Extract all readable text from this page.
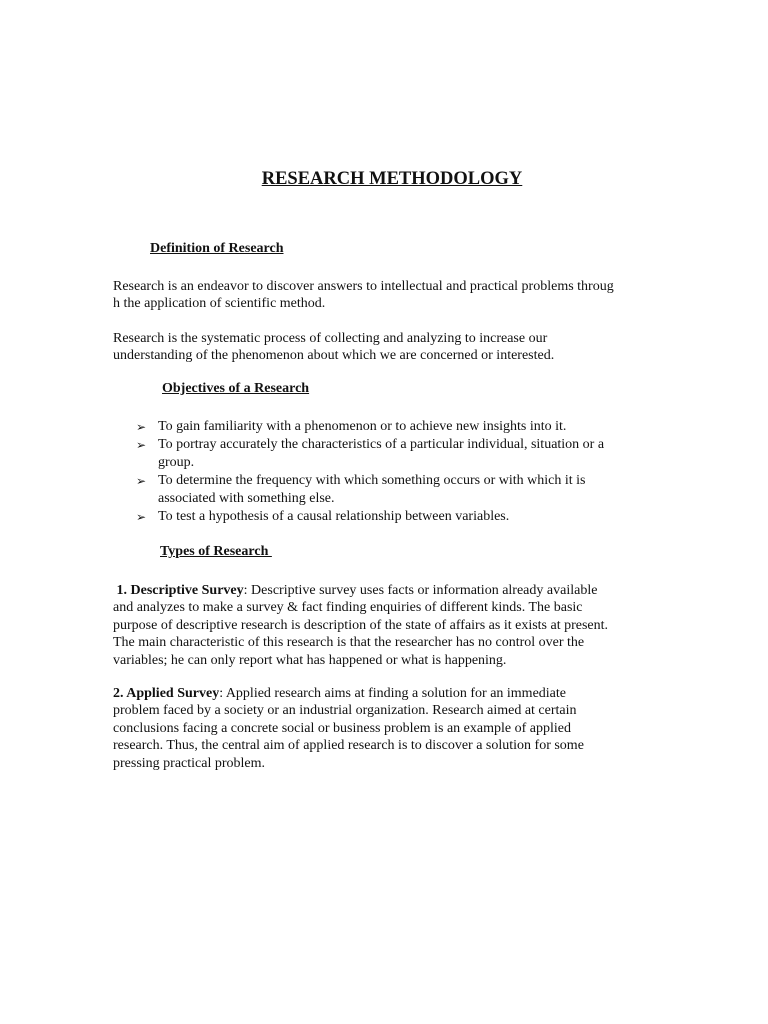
RESEARCH METHODOLOGY
Definition of Research
Research is an endeavor to discover answers to intellectual and practical problems throug
h the application of scientific method.
Research is the systematic process of collecting and analyzing to increase our
understanding of the phenomenon about which we are concerned or interested.
Objectives of a Research
➢ To gain familiarity with a phenomenon or to achieve new insights into it.
➢ To portray accurately the characteristics of a particular individual, situation or a
group.
➢ To determine the frequency with which something occurs or with which it is
associated with something else.
➢ To test a hypothesis of a causal relationship between variables.
Types of Research
1. Descriptive Survey: Descriptive survey uses facts or information already available
and analyzes to make a survey & fact finding enquiries of different kinds. The basic
purpose of descriptive research is description of the state of affairs as it exists at present.
The main characteristic of this research is that the researcher has no control over the
variables; he can only report what has happened or what is happening.
2. Applied Survey: Applied research aims at finding a solution for an immediate
problem faced by a society or an industrial organization. Research aimed at certain
conclusions facing a concrete social or business problem is an example of applied
research. Thus, the central aim of applied research is to discover a solution for some
pressing practical problem.
